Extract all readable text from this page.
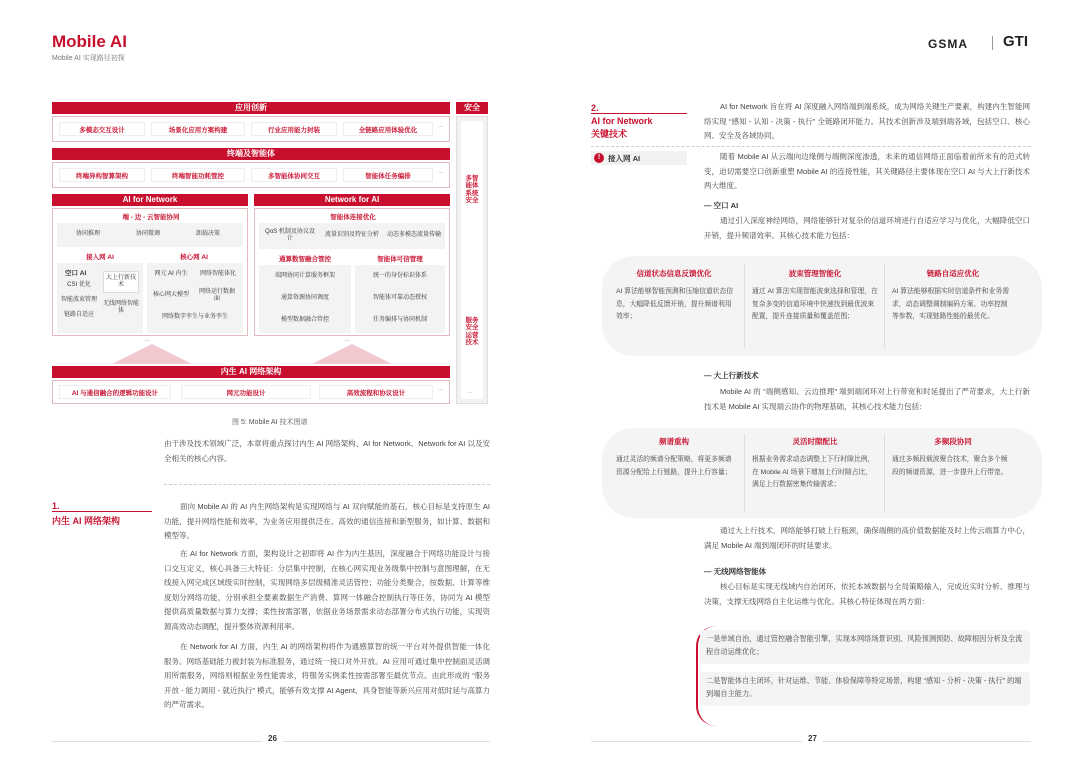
Mobile AI
Mobile AI 实现路径初探
GSMA GTI
应用创新
多模态交互设计	场景化应用方案构建	行业应用能力封装	全链路应用体验优化
...
终端及智能体
终端异构智算架构	终端智能功耗管控	多智能体协同交互	智能体任务编排
...
AI for Network
端 - 边 - 云智能协同
协同推理	协同微调	卸载决策
接入网 AI	核心网 AI
空口 AI
CSI 优化
智能波束管理
链路自适应
大上行新技术
无线网络智能体
网元 AI 内生	网络智能体化
核心网大模型
网络运行数据面
网络数字孪生与业务孪生
Network for AI
智能体连接优化
QoS 机制及协议设计
流量识别及特征分析 动态多模态流量传输
通算数智融合管控	智能体可信管理
端网协同计算服务框架
通算资源协同调度
模型数据融合管控
统一的身份标识体系
智能体可靠动态授权
任务编排与协同机制
...	...
内生 AI 网络架构
AI 与通信融合的逻辑功能设计	网元功能设计	高效流程和协议设计
...
安全
多智能体系统安全
服务安全运营技术
...
图 5: Mobile AI 技术图谱
由于涉及技术领域广泛，本章将重点探讨内生 AI 网络架构、AI for Network、Network for AI 以及安全相关的核心内容。
1.
内生 AI 网络架构
面向 Mobile AI 的 AI 内生网络架构是实现网络与 AI 双向赋能的基石，核心目标是支持原生 AI 功能，提升网络性能和效率，为业务应用提供泛在、高效的通信连接和新型服务，如计算、数据和模型等。
在 AI for Network 方面，架构设计之初即将 AI 作为内生基因，深度融合于网络功能设计与接口交互定义，核心具备三大特征：分层集中控制，在核心网实现业务级集中控制与意图理解，在无线接入网完成区域级实时控制，实现网络多层级精准灵活管控；功能分类聚合，按数据、计算等维度划分网络功能，分别承担全要素数据生产消费、算网一体融合控制执行等任务，协同为 AI 模型提供高质量数据与算力支撑；柔性按需部署，依据业务场景需求动态部署分布式执行功能，实现资源高效动态调配，提升整体资源利用率。
在 Network for AI 方面，内生 AI 的网络架构将作为通感算智的统一平台对外提供智能一体化服务。网络基础能力被封装为标准服务，通过统一接口对外开放。AI 应用可通过集中控制面灵活调用所需服务，网络则根据业务性能需求，将服务实例柔性按需部署至最优节点。由此形成的 “服务开放 - 能力调用 - 就近执行” 模式，能够有效支撑 AI Agent、具身智能等新兴应用对低时延与高算力的严苛需求。
26
2.
AI for Network
关键技术
AI for Network 旨在将 AI 深度融入网络端到端系统，成为网络关键生产要素，构建内生智能网络实现 “感知 - 认知 - 决策 - 执行” 全链路闭环能力。其技术创新涉及端到端各域，包括空口、核心网、安全及各域协同。
!	接入网 AI	随着 Mobile AI 从云端向边缘侧与端侧深度渗透，未来的通信网络正面临着前所未有的范式转变，迫切需要空口创新重塑 Mobile AI 的连接性能，其关键路径主要体现在空口 AI 与大上行新技术两大维度。
— 空口 AI
通过引入深度神经网络，网络能够针对复杂的信道环境进行自适应学习与优化，大幅降低空口开销，提升频谱效率。其核心技术能力包括：
信道状态信息反馈优化
AI 算法能够智能预测和压缩信道状态信息，大幅降低反馈开销，提升频谱利用效率；
波束管理智能化
通过 AI 算法实现智能波束选择和管理，在复杂多变的信道环境中快速找到最优波束配置，提升连接质量和覆盖范围；
链路自适应优化
AI 算法能够根据实时信道条件和业务需求，动态调整调制编码方案、功率控制等参数，实现链路性能的最优化。
— 大上行新技术
Mobile AI 的 “端侧感知、云边推理” 端到端闭环对上行带宽和时延提出了严苛要求，大上行新技术是 Mobile AI 实现端云协作的物理基础，其核心技术能力包括：
频谱重构
通过灵活的频谱分配策略，将更多频谱资源分配给上行链路，提升上行容量；
灵活时隙配比
根据业务需求动态调整上下行时隙比例，在 Mobile AI 场景下增加上行时隙占比，满足上行数据密集传输需求；
多频段协同
通过多频段载波聚合技术，聚合多个频段的频谱资源，进一步提升上行带宽。
通过大上行技术，网络能够打破上行瓶颈，确保端侧的高价值数据能及时上传云端算力中心，满足 Mobile AI 端到端闭环的时延要求。
— 无线网络智能体
核心目标是实现无线域内自治闭环，依托本域数据与全局策略输入，完成近实时分析、推理与决策，支撑无线网络自主化运维与优化。其核心特征体现在两方面：
一是单域自治，通过管控融合智能引擎，实现本网络场景识别、风险预测预防、故障根因分析及全流程自动运维优化；
二是智能体自主闭环，针对运维、节能、体验保障等特定场景，构建 “感知 - 分析 - 决策 - 执行” 的端到端自主能力。
27
